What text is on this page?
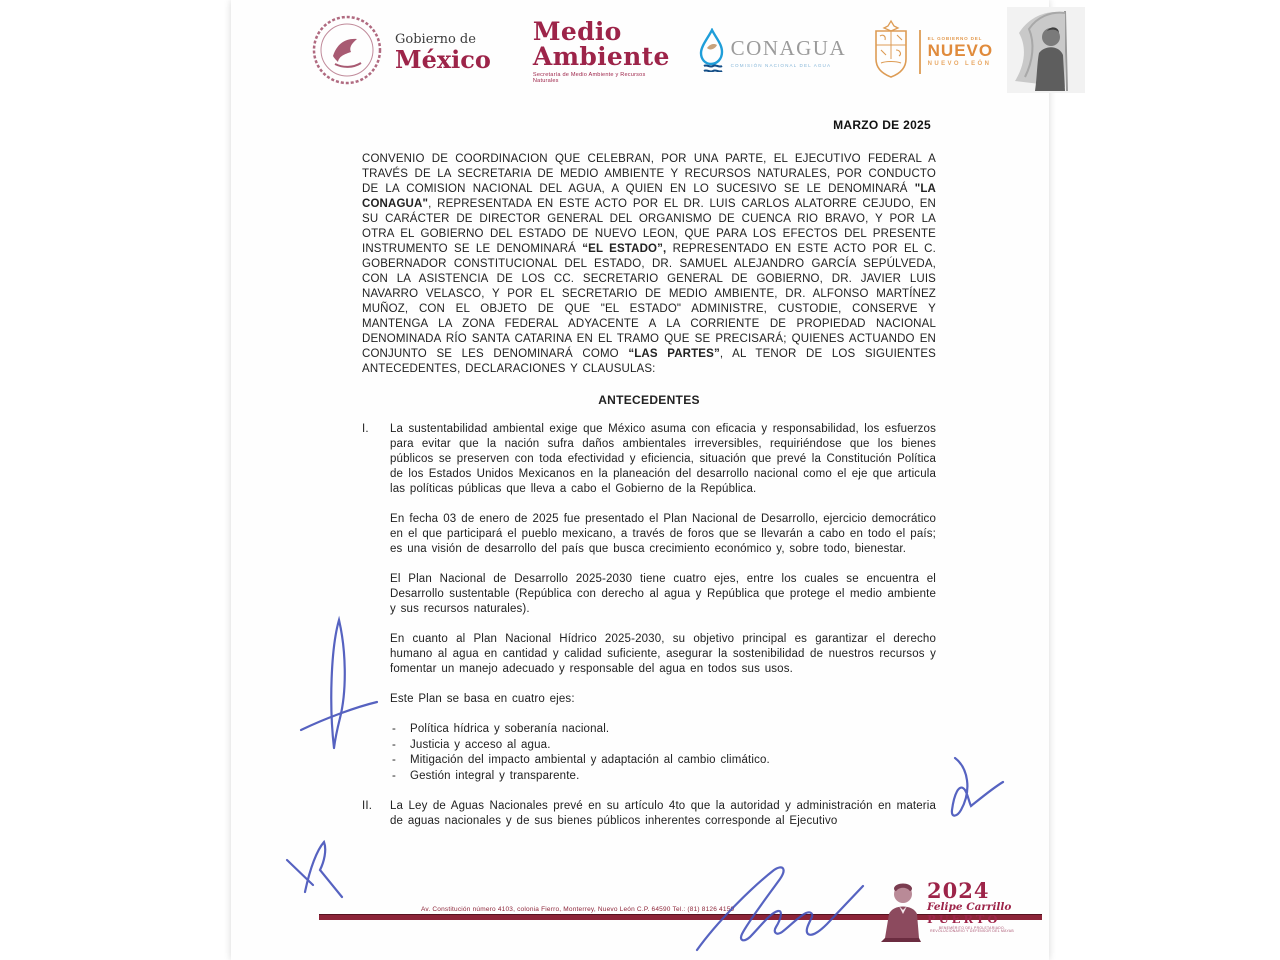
Gobierno de
México
Medio Ambiente
Secretaría de Medio Ambiente y Recursos Naturales
CONAGUA
COMISIÓN NACIONAL DEL AGUA
EL GOBIERNO DEL
NUEVO
NUEVO LEÓN
MARZO DE 2025

CONVENIO DE COORDINACION QUE CELEBRAN, POR UNA PARTE, EL EJECUTIVO FEDERAL A TRAVÉS DE LA SECRETARIA DE MEDIO AMBIENTE Y RECURSOS NATURALES, POR CONDUCTO DE LA COMISION NACIONAL DEL AGUA, A QUIEN EN LO SUCESIVO SE LE DENOMINARÁ "LA CONAGUA", REPRESENTADA EN ESTE ACTO POR EL DR. LUIS CARLOS ALATORRE CEJUDO, EN SU CARÁCTER DE DIRECTOR GENERAL DEL ORGANISMO DE CUENCA RIO BRAVO, Y POR LA OTRA EL GOBIERNO DEL ESTADO DE NUEVO LEON, QUE PARA LOS EFECTOS DEL PRESENTE INSTRUMENTO SE LE DENOMINARÁ “EL ESTADO”, REPRESENTADO EN ESTE ACTO POR EL C. GOBERNADOR CONSTITUCIONAL DEL ESTADO, DR. SAMUEL ALEJANDRO GARCÍA SEPÚLVEDA, CON LA ASISTENCIA DE LOS CC. SECRETARIO GENERAL DE GOBIERNO, DR. JAVIER LUIS NAVARRO VELASCO, Y POR EL SECRETARIO DE MEDIO AMBIENTE, DR. ALFONSO MARTÍNEZ MUÑOZ, CON EL OBJETO DE QUE "EL ESTADO" ADMINISTRE, CUSTODIE, CONSERVE Y MANTENGA LA ZONA FEDERAL ADYACENTE A LA CORRIENTE DE PROPIEDAD NACIONAL DENOMINADA RÍO SANTA CATARINA EN EL TRAMO QUE SE PRECISARÁ; QUIENES ACTUANDO EN CONJUNTO SE LES DENOMINARÁ COMO “LAS PARTES”, AL TENOR DE LOS SIGUIENTES ANTECEDENTES, DECLARACIONES Y CLAUSULAS:

ANTECEDENTES
I.	La sustentabilidad ambiental exige que México asuma con eficacia y responsabilidad, los esfuerzos para evitar que la nación sufra daños ambientales irreversibles, requiriéndose que los bienes públicos se preserven con toda efectividad y eficiencia, situación que prevé la Constitución Política de los Estados Unidos Mexicanos en la planeación del desarrollo nacional como el eje que articula las políticas públicas que lleva a cabo el Gobierno de la República.

En fecha 03 de enero de 2025 fue presentado el Plan Nacional de Desarrollo, ejercicio democrático en el que participará el pueblo mexicano, a través de foros que se llevarán a cabo en todo el país; es una visión de desarrollo del país que busca crecimiento económico y, sobre todo, bienestar.

El Plan Nacional de Desarrollo 2025-2030 tiene cuatro ejes, entre los cuales se encuentra el Desarrollo sustentable (República con derecho al agua y República que protege el medio ambiente y sus recursos naturales).

En cuanto al Plan Nacional Hídrico 2025-2030, su objetivo principal es garantizar el derecho humano al agua en cantidad y calidad suficiente, asegurar la sostenibilidad de nuestros recursos y fomentar un manejo adecuado y responsable del agua en todos sus usos.

Este Plan se basa en cuatro ejes:

- Política hídrica y soberanía nacional.
- Justicia y acceso al agua.
- Mitigación del impacto ambiental y adaptación al cambio climático.
- Gestión integral y transparente.
II.	La Ley de Aguas Nacionales prevé en su artículo 4to que la autoridad y administración en materia de aguas nacionales y de sus bienes públicos inherentes corresponde al Ejecutivo

Av. Constitución número 4103, colonia Fierro, Monterrey, Nuevo León C.P. 64590 Tel.: (81) 8126 4159
2024
Felipe Carrillo
PUERTO
BENEMÉRITO DEL PROLETARIADO, REVOLUCIONARIO Y DEFENSOR DEL MAYAB
